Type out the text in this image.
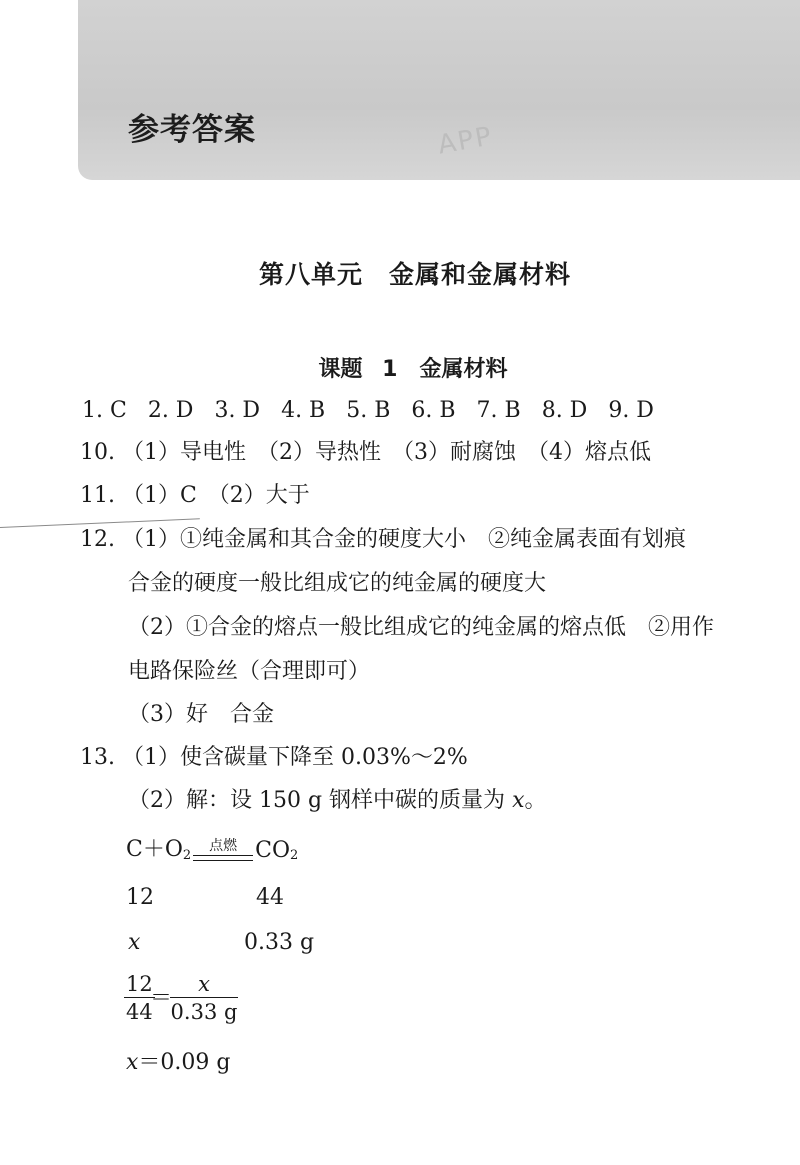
APP
参考答案
第八单元　金属和金属材料
课题 1　金属材料
1. C 2. D 3. D 4. B 5. B 6. B 7. B 8. D 9. D
10. （1）导电性　（2）导热性　（3）耐腐蚀　（4）熔点低
11. （1）C　（2）大于
12. （1）①纯金属和其合金的硬度大小　②纯金属表面有划痕
合金的硬度一般比组成它的纯金属的硬度大
（2）①合金的熔点一般比组成它的纯金属的熔点低　②用作
电路保险丝（合理即可）
（3）好　合金
13. （1）使含碳量下降至 0.03%～2%
（2）解：设 150 g 钢样中碳的质量为 x。
$C+O_2$
点燃 $CO_2$
12	44
x	0.33 g
$\frac{12}{44}$
＝
$\frac{x}{0.33 g}$
x＝0.09 g
